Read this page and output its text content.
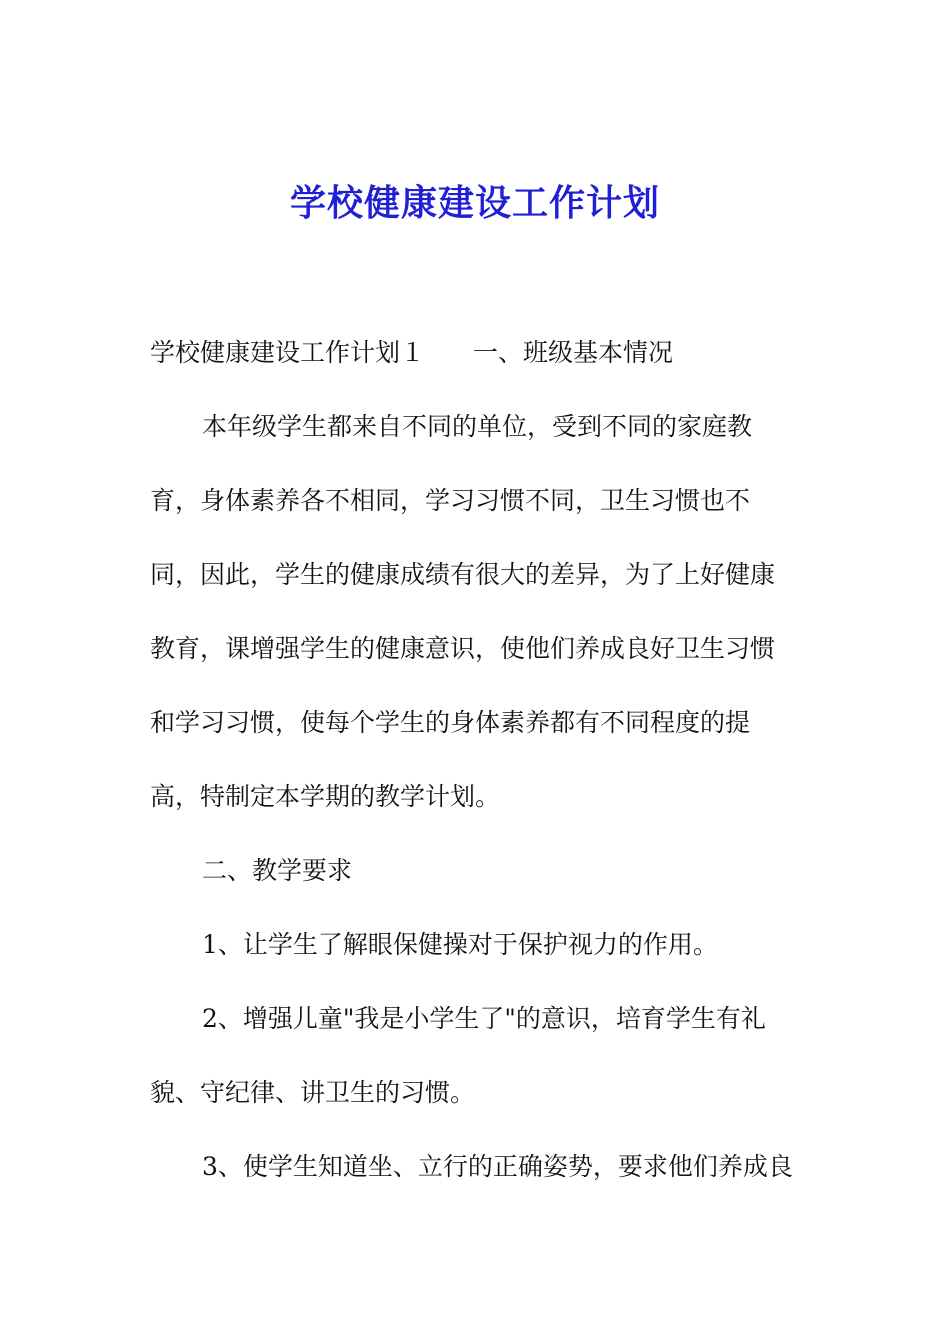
学校健康建设工作计划
学校健康建设工作计划１ 一、班级基本情况
本年级学生都来自不同的单位，受到不同的家庭教
育，身体素养各不相同，学习习惯不同，卫生习惯也不
同，因此，学生的健康成绩有很大的差异，为了上好健康
教育，课增强学生的健康意识，使他们养成良好卫生习惯
和学习习惯，使每个学生的身体素养都有不同程度的提
高，特制定本学期的教学计划。
二、教学要求
1、让学生了解眼保健操对于保护视力的作用。
2、增强儿童"我是小学生了"的意识，培育学生有礼
貌、守纪律、讲卫生的习惯。
3、使学生知道坐、立行的正确姿势，要求他们养成良
